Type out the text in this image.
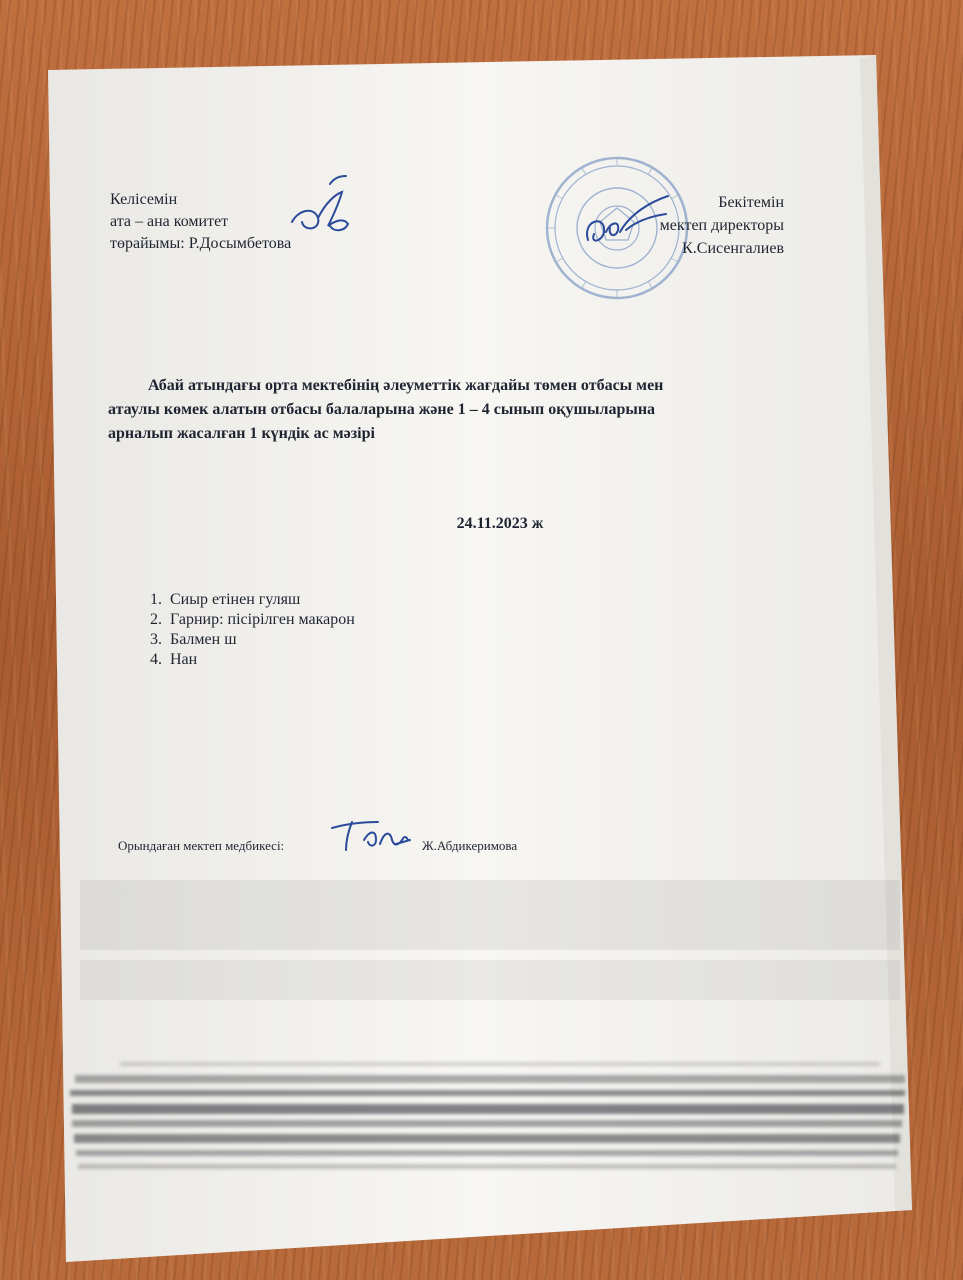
Келісемін
ата – ана комитет
төрайымы: Р.Досымбетова
Бекітемін
мектеп директоры
К.Сисенгалиев
Абай атындағы орта мектебінің әлеуметтік жағдайы төмен отбасы мен
атаулы көмек алатын отбасы балаларына және 1 – 4 сынып оқушыларына
арналып жасалған 1 күндік ас мәзірі
24.11.2023 ж
1. Сиыр етінен гуляш
2. Гарнир: пісірілген макарон
3. Балмен ш
4. Нан
Орындаған мектеп медбикесі:	Ж.Абдикеримова
